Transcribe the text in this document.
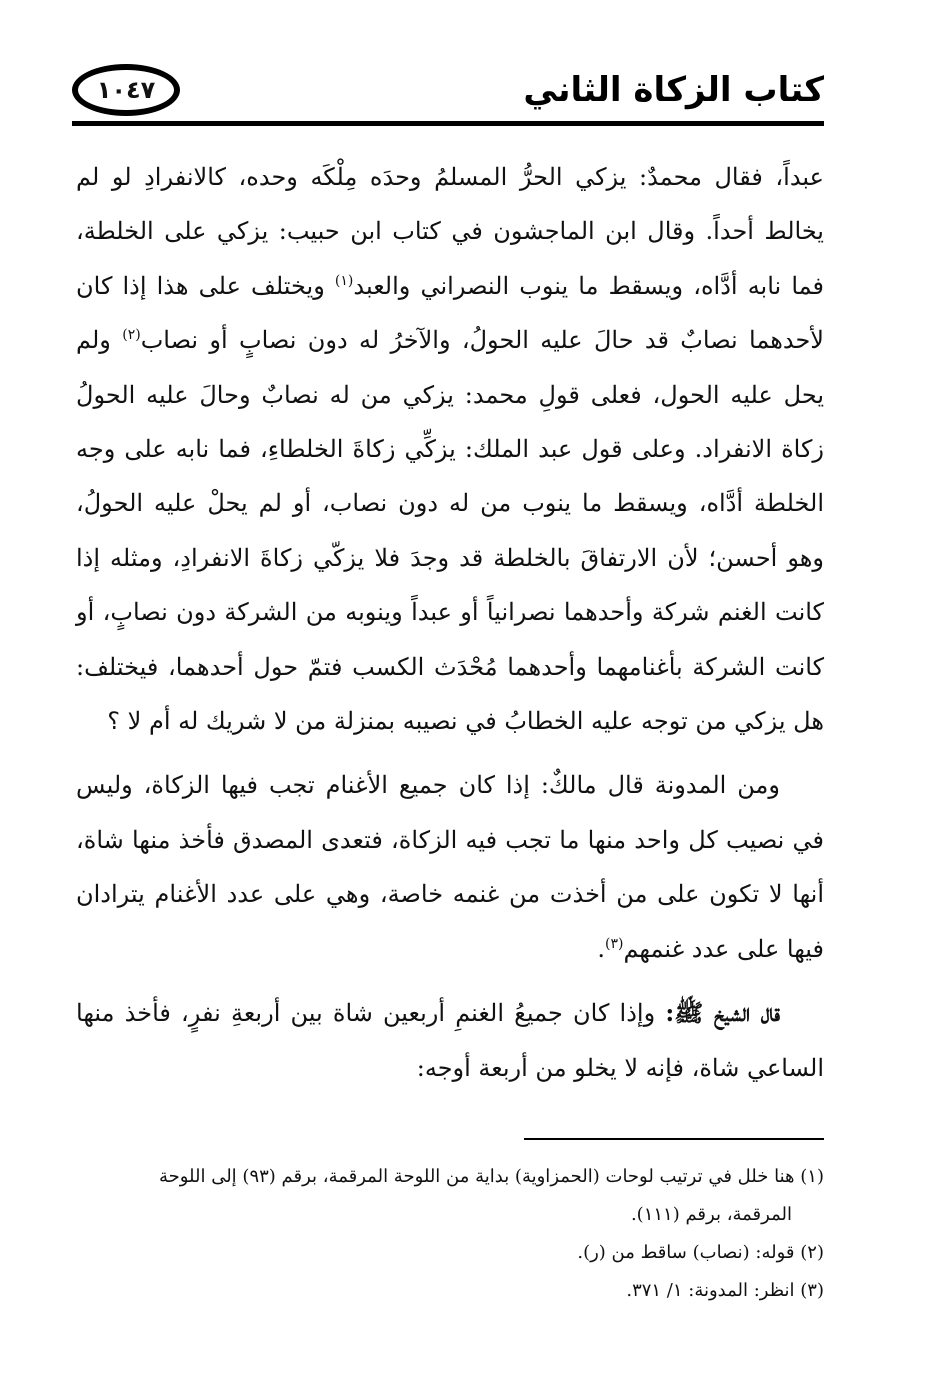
كتاب الزكاة الثاني
١٠٤٧

عبداً، فقال محمدٌ: يزكي الحرُّ المسلمُ وحدَه مِلْكَه وحده، كالانفرادِ لو لم يخالط أحداً. وقال ابن الماجشون في كتاب ابن حبيب: يزكي على الخلطة، فما نابه أدَّاه، ويسقط ما ينوب النصراني والعبد$^{(١)}$ ويختلف على هذا إذا كان لأحدهما نصابٌ قد حالَ عليه الحولُ، والآخرُ له دون نصابٍ أو نصاب$^{(٢)}$ ولم يحل عليه الحول، فعلى قولِ محمد: يزكي من له نصابٌ وحالَ عليه الحولُ زكاة الانفراد. وعلى قول عبد الملك: يزكِّي زكاةَ الخلطاءِ، فما نابه على وجه الخلطة أدَّاه، ويسقط ما ينوب من له دون نصاب، أو لم يحلْ عليه الحولُ، وهو أحسن؛ لأن الارتفاقَ بالخلطة قد وجدَ فلا يزكّي زكاةَ الانفرادِ، ومثله إذا كانت الغنم شركة وأحدهما نصرانياً أو عبداً وينوبه من الشركة دون نصابٍ، أو كانت الشركة بأغنامهما وأحدهما مُحْدَث الكسب فتمّ حول أحدهما، فيختلف: هل يزكي من توجه عليه الخطابُ في نصيبه بمنزلة من لا شريك له أم لا ؟

ومن المدونة قال مالكٌ: إذا كان جميع الأغنام تجب فيها الزكاة، وليس في نصيب كل واحد منها ما تجب فيه الزكاة، فتعدى المصدق فأخذ منها شاة، أنها لا تكون على من أخذت من غنمه خاصة، وهي على عدد الأغنام يترادان فيها على عدد غنمهم$^{(٣)}$.

قال الشيخ ﷺ: وإذا كان جميعُ الغنمِ أربعين شاة بين أربعةِ نفرٍ، فأخذ منها الساعي شاة، فإنه لا يخلو من أربعة أوجه:

(١) هنا خلل في ترتيب لوحات (الحمزاوية) بداية من اللوحة المرقمة، برقم (٩٣) إلى اللوحة

المرقمة، برقم (١١١).

(٢) قوله: (نصاب) ساقط من (ر).

(٣) انظر: المدونة: ١/ ٣٧١.
